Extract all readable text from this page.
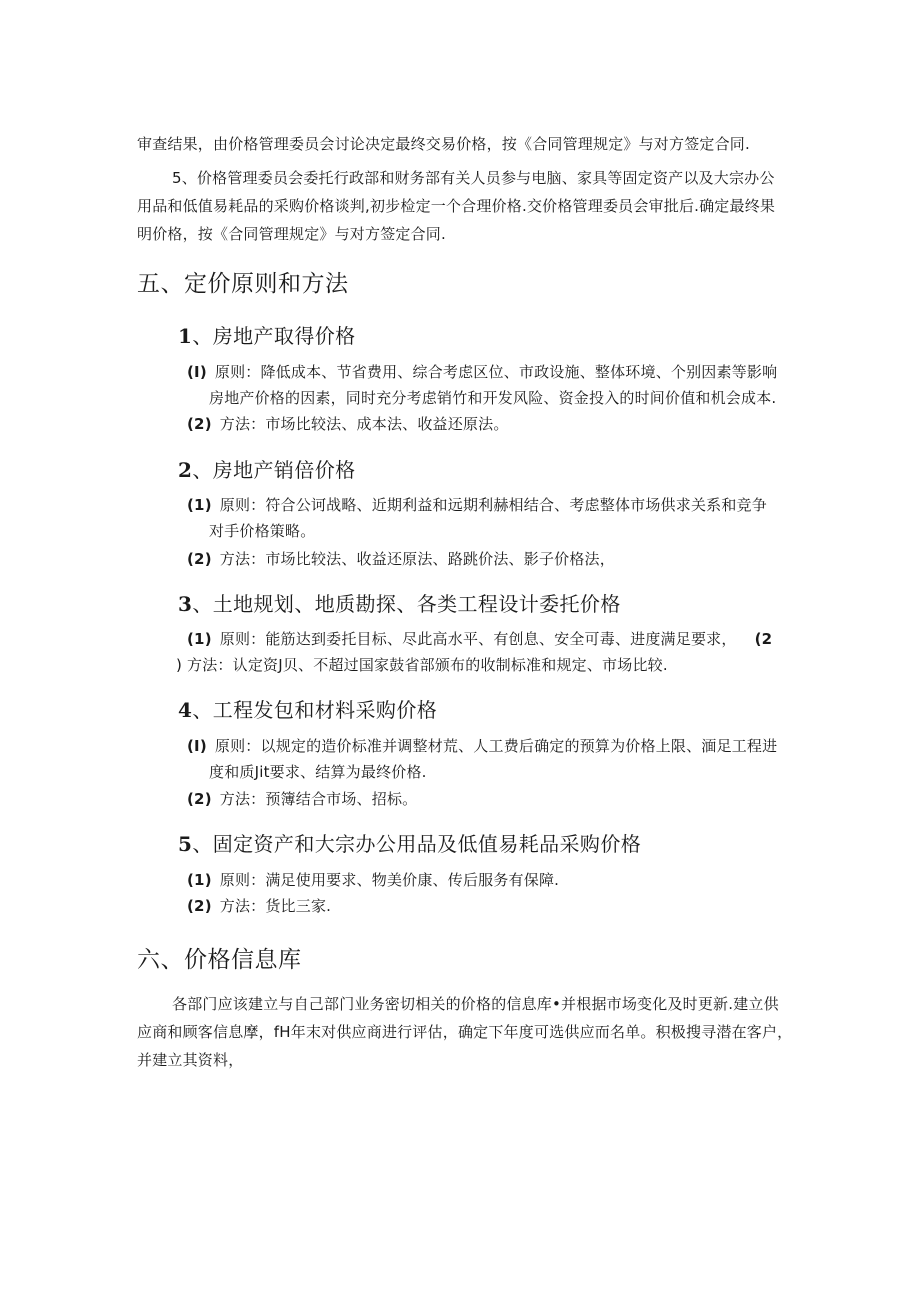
审查结果，由价格管理委员会讨论决定最终交易价格，按《合同管理规定》与对方签定合同.
5、价格管理委员会委托行政部和财务部有关人员参与电脑、家具等固定资产以及大宗办公
用品和低值易耗品的采购价格谈判,初步检定一个合理价格.交价格管理委员会审批后.确定最终果
明价格，按《合同管理规定》与对方签定合同.
五、定价原则和方法
1、房地产取得价格
(I) 原则：降低成本、节省费用、综合考虑区位、市政设施、整体环境、个别因素等影响
房地产价格的因素，同时充分考虑销竹和开发风险、资金投入的时间价值和机会成本.
(2) 方法：市场比较法、成本法、收益还原法。
2、房地产销倍价格
(1) 原则：符合公诃战略、近期利益和远期利赫相结合、考虑整体市场供求关系和竞争
对手价格策略。
(2) 方法：市场比较法、收益还原法、路跳价法、影子价格法，
3、土地规划、地质勘探、各类工程设计委托价格
(1) 原则：能筋达到委托目标、尽此高水平、有创息、安全可毒、进度满足要求， (2
) 方法：认定资J贝、不超过国家鼓省部颁布的收制标准和规定、市场比较.
4、工程发包和材料采购价格
(I) 原则：以规定的造价标准并调整材荒、人工费后确定的预算为价格上限、湎足工程进
度和质Jit要求、结算为最终价格.
(2) 方法：预簿结合市场、招标。
5、固定资产和大宗办公用品及低值易耗品采购价格
(1) 原则：满足使用要求、物美价康、传后服务有保障.
(2) 方法：货比三家.
六、价格信息库
各部门应该建立与自己部门业务密切相关的价格的信息库•并根据市场变化及时更新.建立供
应商和顾客信息摩，fH年末对供应商进行评估，确定下年度可选供应而名单。积极搜寻潜在客户，
并建立其资料，
